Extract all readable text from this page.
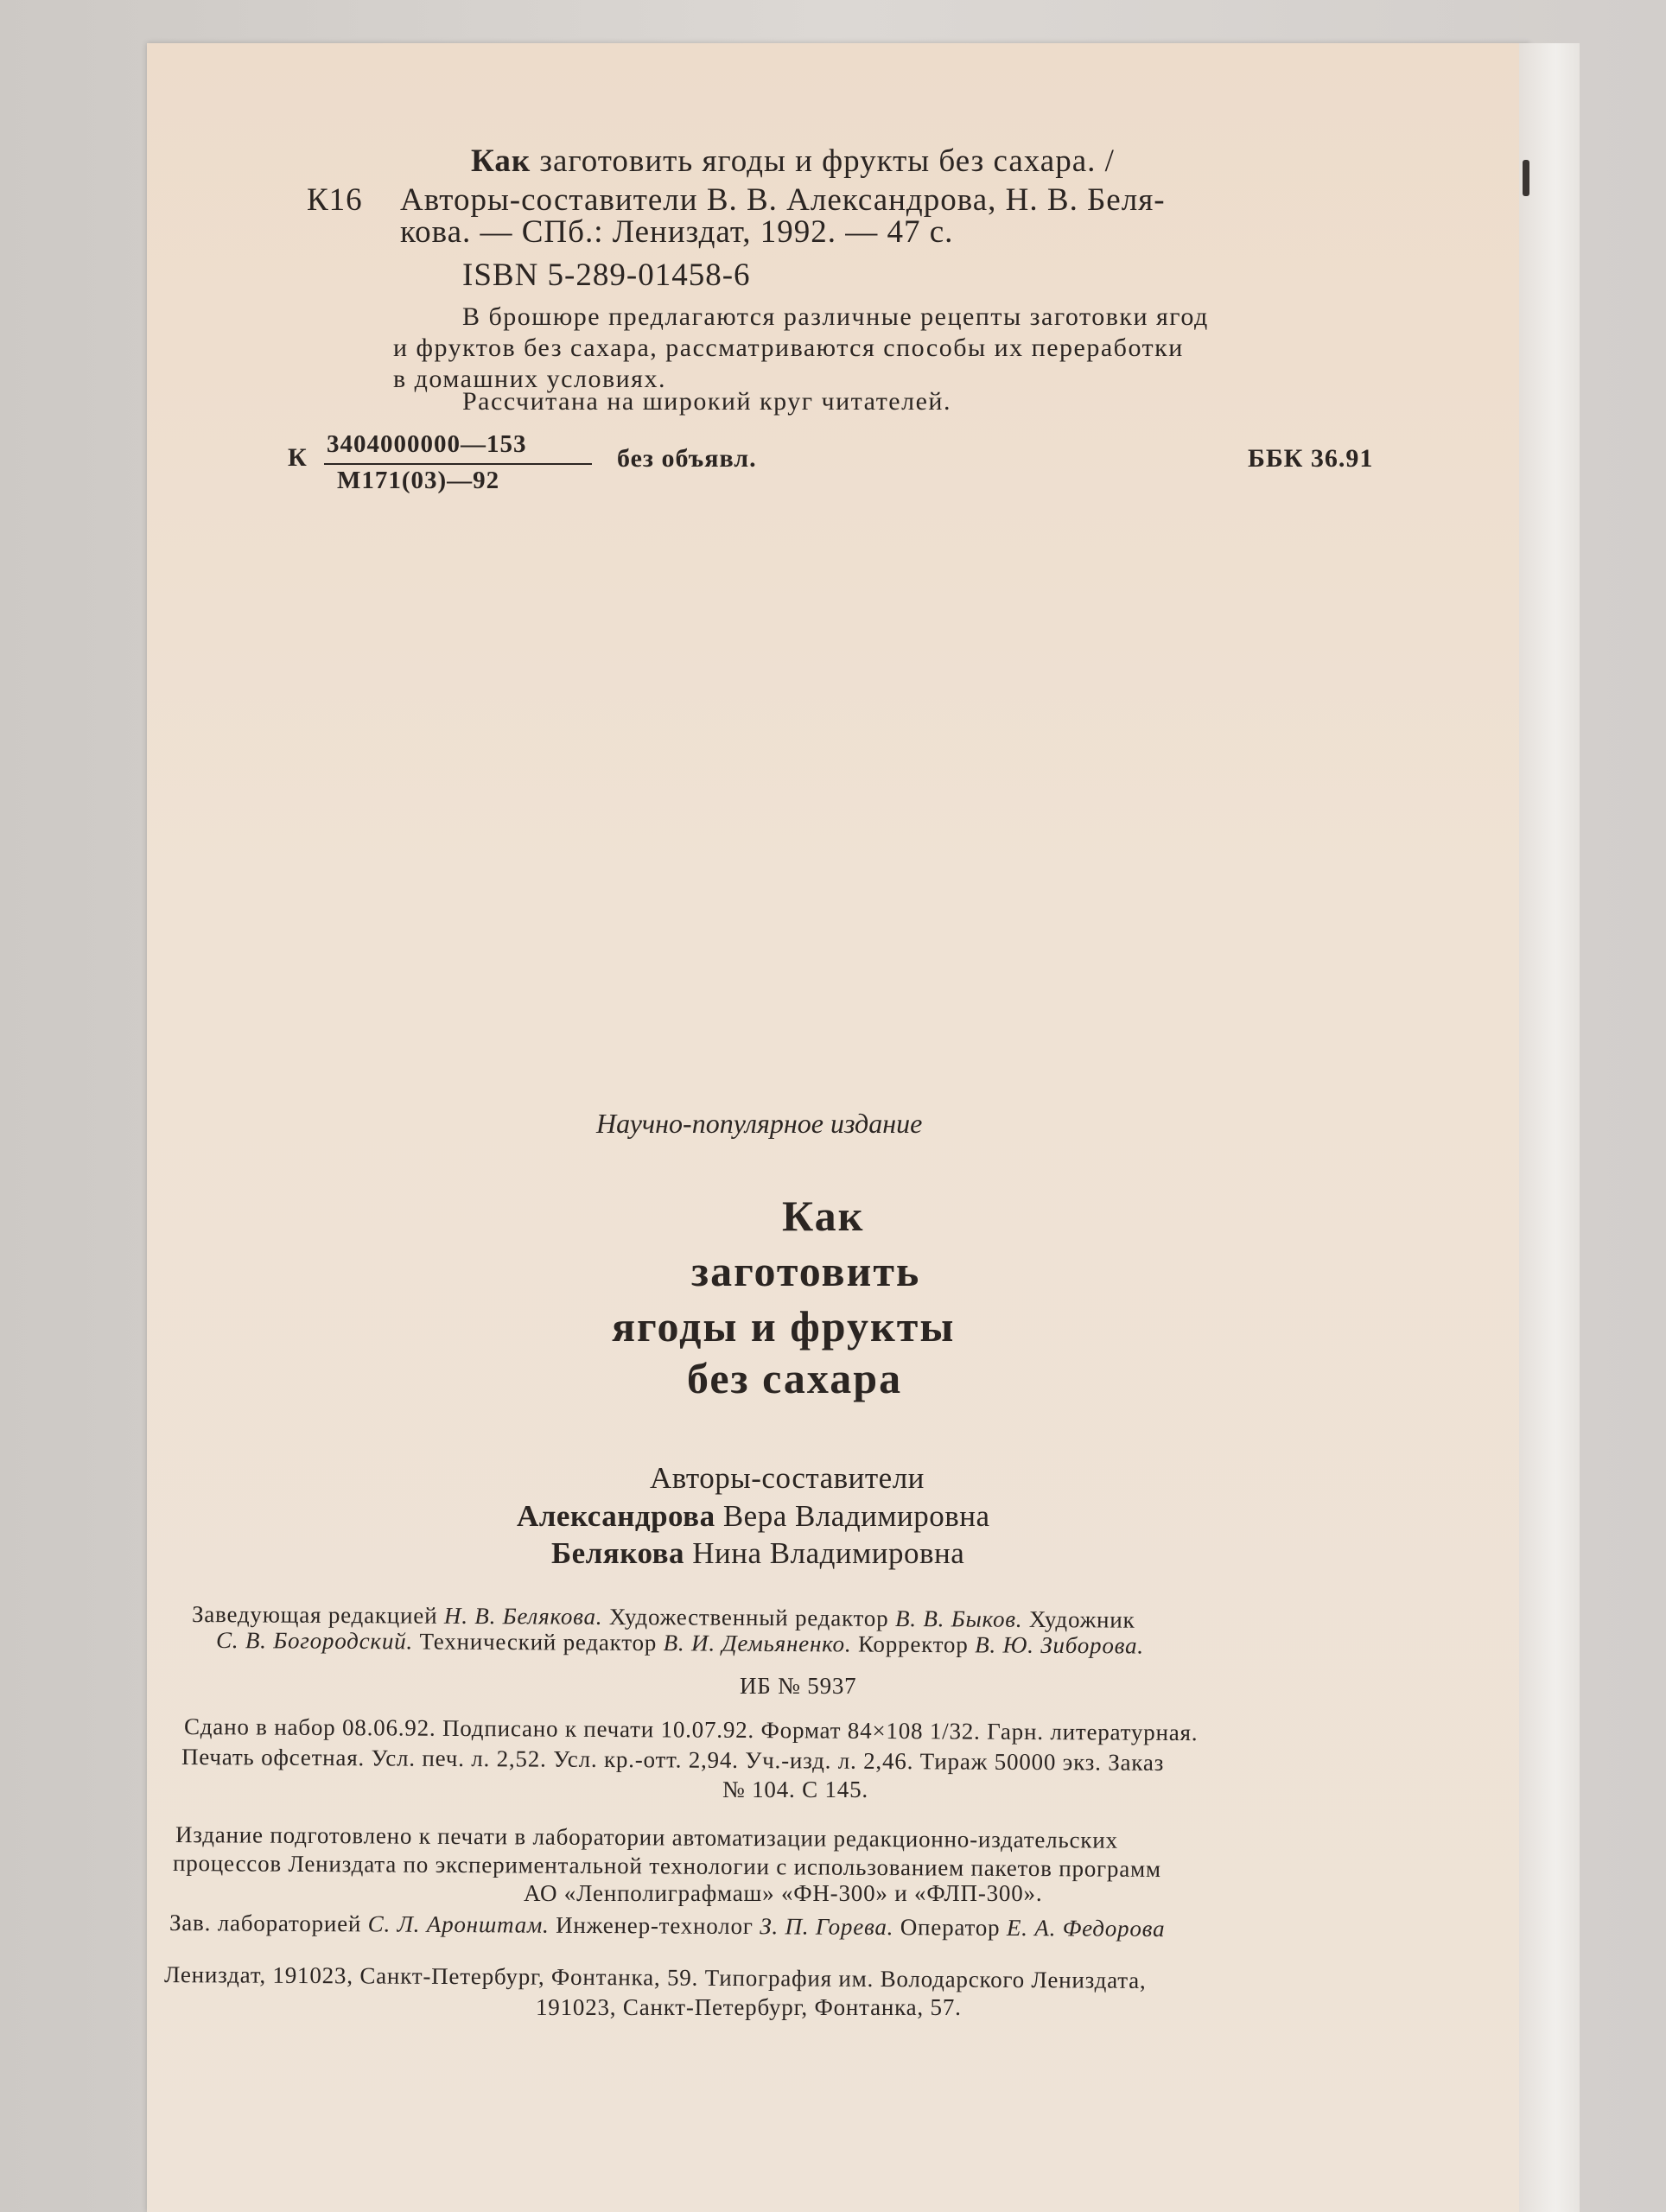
Как заготовить ягоды и фрукты без сахара. /
К16 Авторы-составители В. В. Александрова, Н. В. Беля-
кова. — СПб.: Лениздат, 1992. — 47 с.
ISBN 5-289-01458-6
В брошюре предлагаются различные рецепты заготовки ягод
и фруктов без сахара, рассматриваются способы их переработки
в домашних условиях.
Рассчитана на широкий круг читателей.
К 3404000000—153
М171(03)—92
без объявл.	ББК 36.91
Научно-популярное издание
Как
заготовить
ягоды и фрукты
без сахара
Авторы-составители
Александрова Вера Владимировна
Белякова Нина Владимировна
Заведующая редакцией Н. В. Белякова. Художественный редактор В. В. Быков. Художник
С. В. Богородский. Технический редактор В. И. Демьяненко. Корректор В. Ю. Зиборова.
ИБ № 5937
Сдано в набор 08.06.92. Подписано к печати 10.07.92. Формат 84×108 1/32. Гарн. литературная.
Печать офсетная. Усл. печ. л. 2,52. Усл. кр.-отт. 2,94. Уч.-изд. л. 2,46. Тираж 50000 экз. Заказ
№ 104. С 145.
Издание подготовлено к печати в лаборатории автоматизации редакционно-издательских
процессов Лениздата по экспериментальной технологии с использованием пакетов программ
АО «Ленполиграфмаш» «ФН-300» и «ФЛП-300».
Зав. лабораторией С. Л. Аронштам. Инженер-технолог З. П. Горева. Оператор Е. А. Федорова
Лениздат, 191023, Санкт-Петербург, Фонтанка, 59. Типография им. Володарского Лениздата,
191023, Санкт-Петербург, Фонтанка, 57.
